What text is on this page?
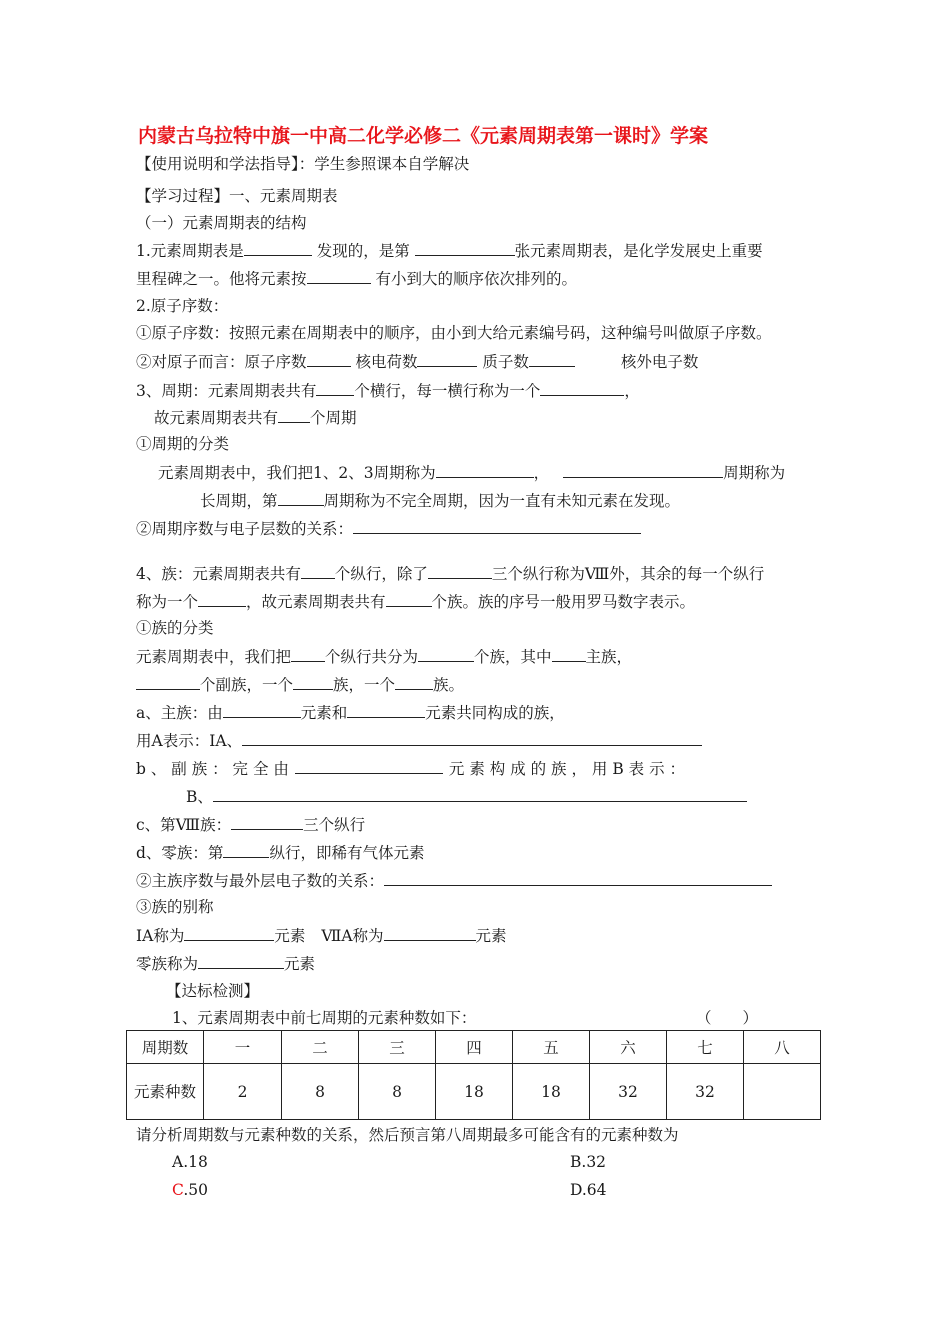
内蒙古乌拉特中旗一中高二化学必修二《元素周期表第一课时》学案
【使用说明和学法指导】：学生参照课本自学解决
【学习过程】一、元素周期表
（一）元素周期表的结构
1.元素周期表是	发现的，是第	张元素周期表，是化学发展史上重要
里程碑之一。他将元素按	有小到大的顺序依次排列的。
2.原子序数：
①原子序数：按照元素在周期表中的顺序，由小到大给元素编号码，这种编号叫做原子序数。
②对原子而言：原子序数	核电荷数	质子数	核外电子数
3、周期：元素周期表共有 个横行，每一横行称为一个	，
故元素周期表共有 个周期
①周期的分类
元素周期表中，我们把1、2、3周期称为	，	周期称为
长周期，第	周期称为不完全周期，因为一直有未知元素在发现。
②周期序数与电子层数的关系：
4、族：元素周期表共有 个纵行，除了	三个纵行称为Ⅷ外，其余的每一个纵行
称为一个	，故元素周期表共有	个族。族的序号一般用罗马数字表示。
①族的分类
元素周期表中，我们把 个纵行共分为	个族，其中 主族，
个副族，一个	族，一个 族。
a、主族：由	元素和	元素共同构成的族，
用A表示：ⅠA、
b 、 副 族 ： 完 全 由	元 素 构 成 的 族 ， 用 B 表 示 ：
B、
c、第Ⅷ族：	三个纵行
d、零族：第	纵行，即稀有气体元素
②主族序数与最外层电子数的关系：
③族的别称
ⅠA称为	元素 ⅦA称为	元素
零族称为	元素
【达标检测】
1、元素周期表中前七周期的元素种数如下：	（　　）
周期数	一	二	三	四	五	六	七	八
元素种数	2	8	8	18	18	32	32	
请分析周期数与元素种数的关系，然后预言第八周期最多可能含有的元素种数为
A.18	B.32
C.50	D.64
